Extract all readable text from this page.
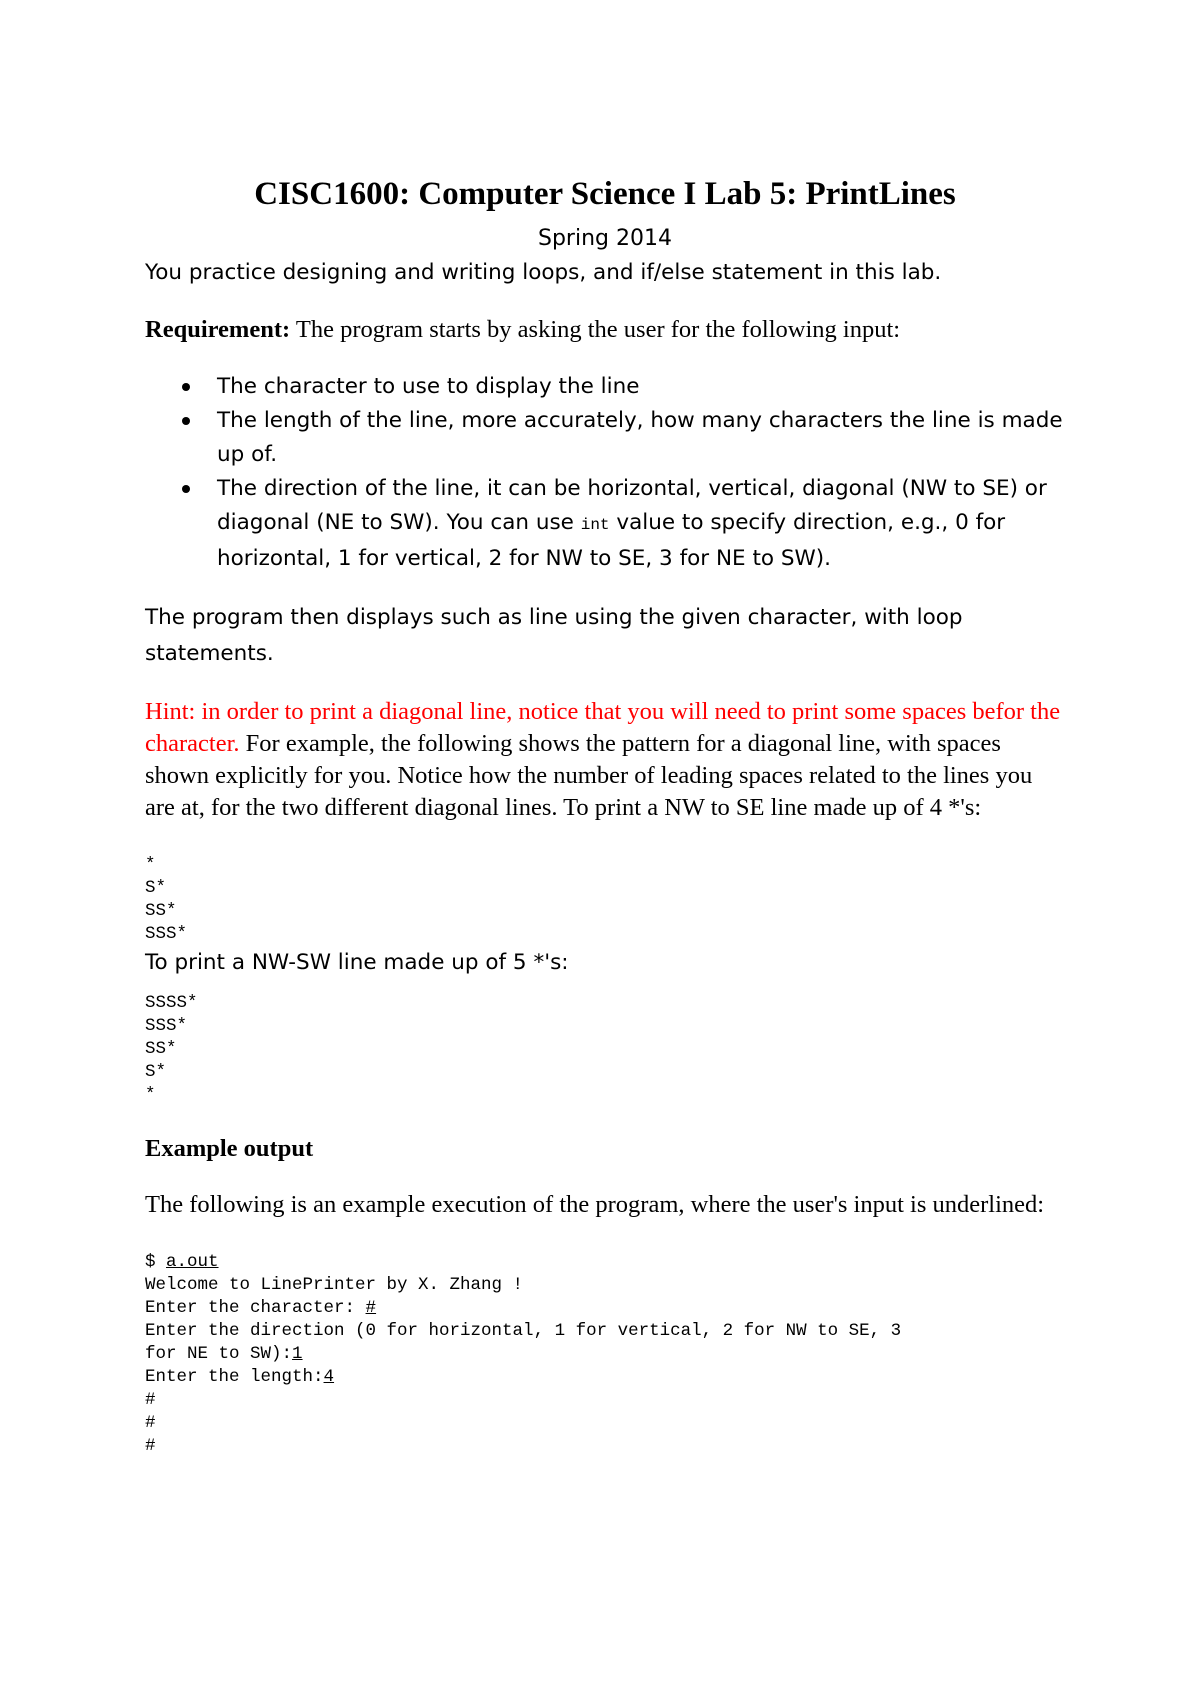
CISC1600: Computer Science I Lab 5: PrintLines
Spring 2014

You practice designing and writing loops, and if/else statement in this lab.

Requirement: The program starts by asking the user for the following input:

The character to use to display the line
The length of the line, more accurately, how many characters the line is made up of.
The direction of the line, it can be horizontal, vertical, diagonal (NW to SE) or diagonal (NE to SW). You can use int value to specify direction, e.g., 0 for horizontal, 1 for vertical, 2 for NW to SE, 3 for NE to SW).

The program then displays such as line using the given character, with loop statements.

Hint: in order to print a diagonal line, notice that you will need to print some spaces befor the character. For example, the following shows the pattern for a diagonal line, with spaces shown explicitly for you. Notice how the number of leading spaces related to the lines you are at, for the two different diagonal lines. To print a NW to SE line made up of 4 *'s:

*
S*
SS*
SSS*

To print a NW-SW line made up of 5 *'s:

SSSS*
SSS*
SS*
S*
*
Example output

The following is an example execution of the program, where the user's input is underlined:

$ a.out
Welcome to LinePrinter by X. Zhang !
Enter the character: #
Enter the direction (0 for horizontal, 1 for vertical, 2 for NW to SE, 3
for NE to SW):1
Enter the length:4
#
#
#
